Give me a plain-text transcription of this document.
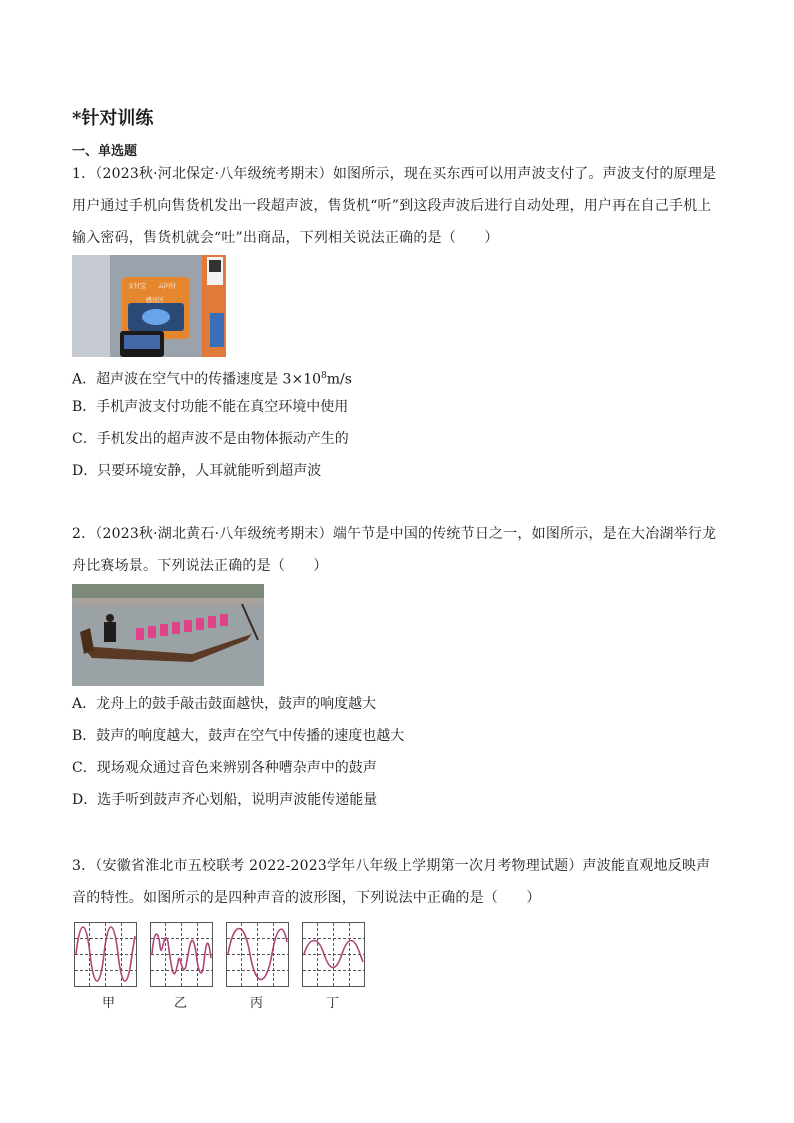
*针对训练
一、单选题
1．（2023秋·河北保定·八年级统考期末）如图所示，现在买东西可以用声波支付了。声波支付的原理是用户通过手机向售货机发出一段超声波，售货机“听”到这段声波后进行自动处理，用户再在自己手机上输入密码，售货机就会“吐”出商品，下列相关说法正确的是（　　）
支付宝 云闪付
感应区
A．超声波在空气中的传播速度是 $3\times 10^8m/s$
B．手机声波支付功能不能在真空环境中使用
C．手机发出的超声波不是由物体振动产生的
D．只要环境安静，人耳就能听到超声波
2．（2023秋·湖北黄石·八年级统考期末）端午节是中国的传统节日之一，如图所示，是在大冶湖举行龙舟比赛场景。下列说法正确的是（　　）
A．龙舟上的鼓手敲击鼓面越快，鼓声的响度越大
B．鼓声的响度越大，鼓声在空气中传播的速度也越大
C．现场观众通过音色来辨别各种嘈杂声中的鼓声
D．选手听到鼓声齐心划船，说明声波能传递能量
3．（安徽省淮北市五校联考 2022-2023学年八年级上学期第一次月考物理试题）声波能直观地反映声音的特性。如图所示的是四种声音的波形图，下列说法中正确的是（　　）
甲	乙	丙	丁
